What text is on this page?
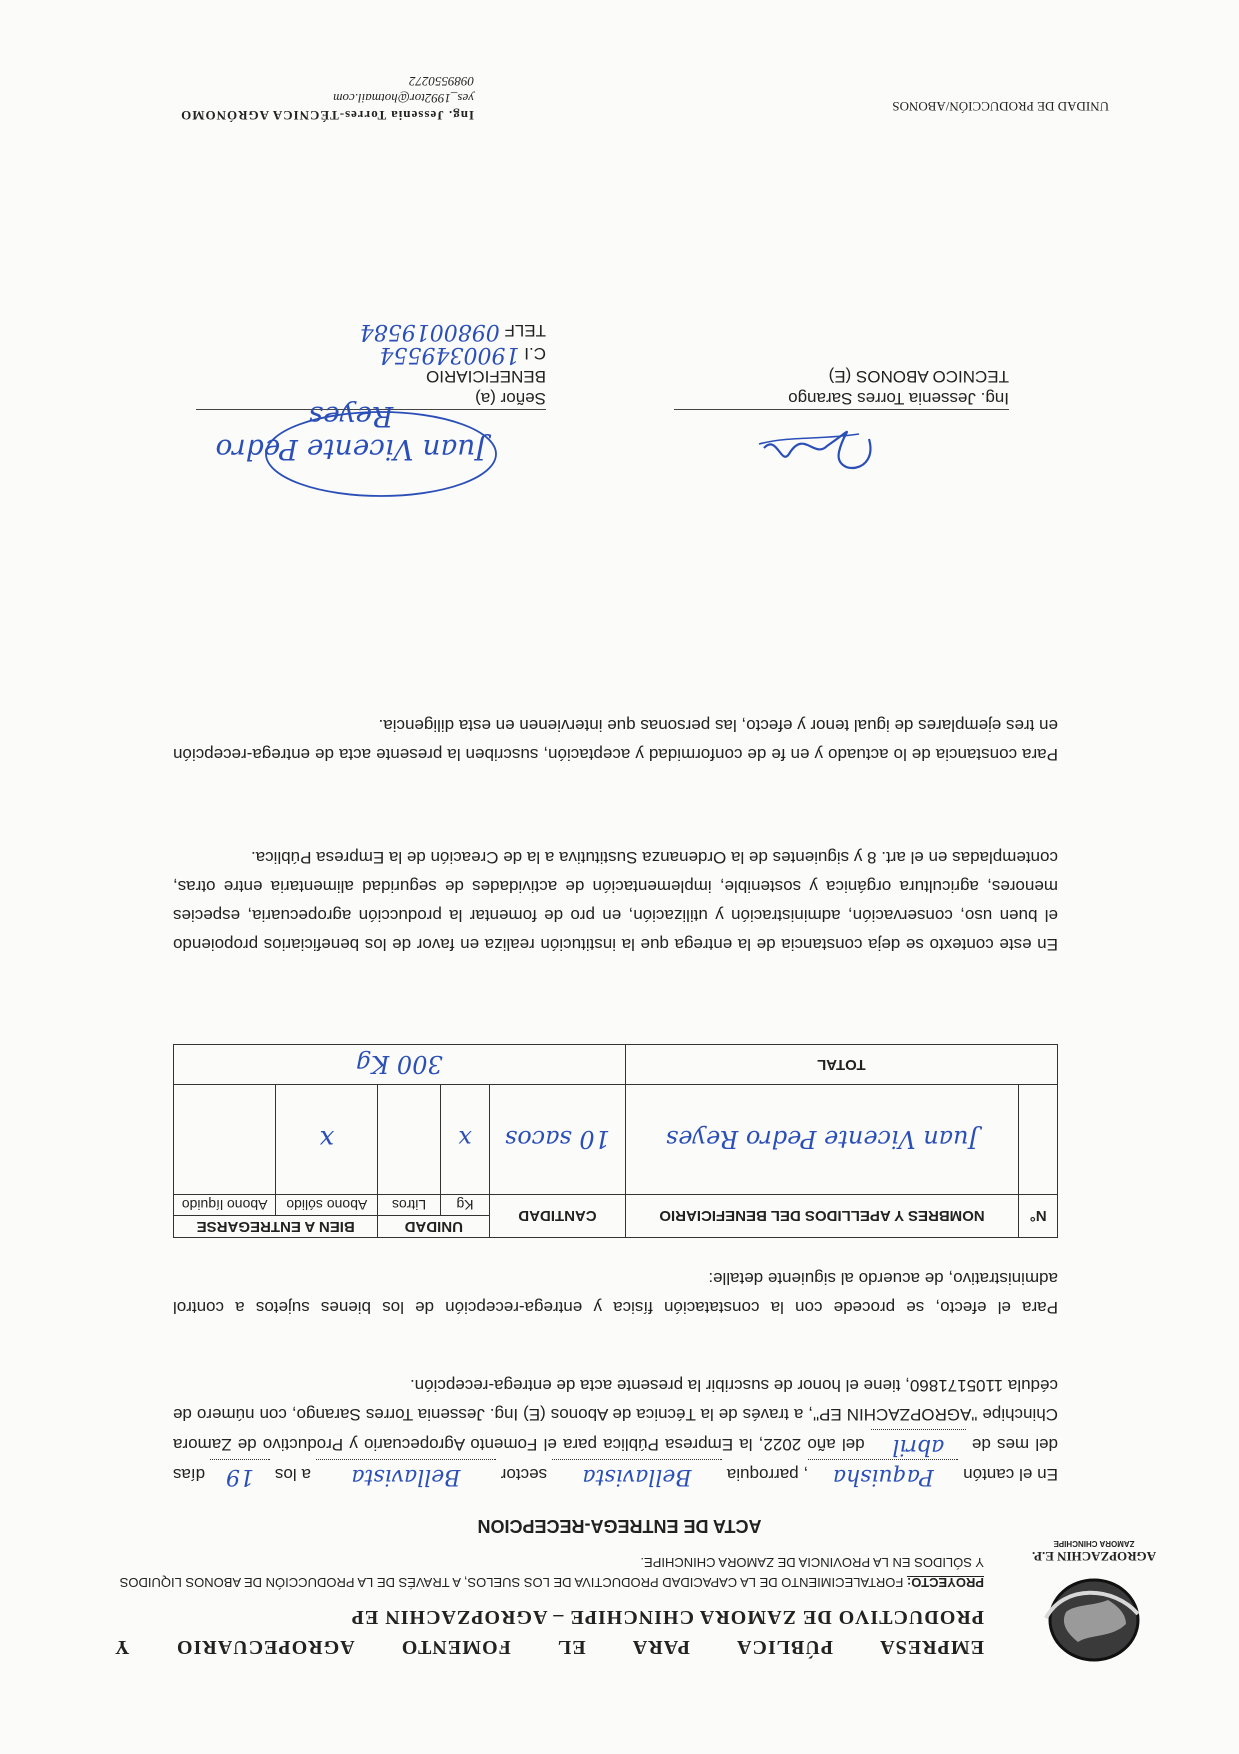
AGROPZACHIN E.P.
ZAMORA CHINCHIPE
EMPRESA PÚBLICA PARA EL FOMENTO AGROPECUARIO Y
PRODUCTIVO DE ZAMORA CHINCHIPE – AGROPZACHIN EP
PROYECTO: FORTALECIMIENTO DE LA CAPACIDAD PRODUCTIVA DE LOS SUELOS, A TRAVÉS DE LA PRODUCCIÓN DE ABONOS LIQUIDOS Y SÓLIDOS EN LA PROVINCIA DE ZAMORA CHINCHIPE.
ACTA DE ENTREGA-RECEPCION
En el cantón
Paquisha
, parroquia
Bellavista
sector
Bellavista
a los
19
días del mes de
abril
del año 2022, la Empresa Pública para el Fomento Agropecuario y Productivo de Zamora Chinchipe "AGROPZACHIN EP", a través de la Técnica de Abonos (E) Ing. Jessenia Torres Sarango, con número de cédula 1105171860, tiene el honor de suscribir la presente acta de entrega-recepción.
Para el efecto, se procede con la constatación física y entrega-recepción de los bienes sujetos a control administrativo, de acuerdo al siguiente detalle:
N°	NOMBRES Y APELLIDOS DEL BENEFICIARIO	CANTIDAD	UNIDAD		BIEN A ENTREGARSE	
			Kg	Litros	Abono sólido	Abono líquido
	Juan Vicente Pedro Reyes	10 sacos	x		x	
TOTAL		300 Kg				
En este contexto se deja constancia de la entrega que la institución realiza en favor de los beneficiarios propoiendo el buen uso, conservación, administración y utilización, en pro de fomentar la producción agropecuaria, especies menores, agricultura orgánica y sostenible, implementación de actividades de seguridad alimentaria entre otras, contempladas en el art. 8 y siguientes de la Ordenanza Sustitutiva a la de Creación de la Empresa Pública.
Para constancia de lo actuado y en fe de conformidad y aceptación, suscriben la presente acta de entrega-recepción en tres ejemplares de igual tenor y efecto, las personas que intervienen en esta diligencia.
Ing. Jessenia Torres Sarango
TECNICO ABONOS (E)
Juan Vicente Pedro Reyes
Señor (a)
BENEFICIARIO
C.I 1900349554
TELF 0980019584
UNIDAD DE PRODUCCIÓN/ABONOS
Ing. Jessenia Torres-TÉCNICA AGRÓNOMO
yes_1992tor@hotmail.com
0989550272
